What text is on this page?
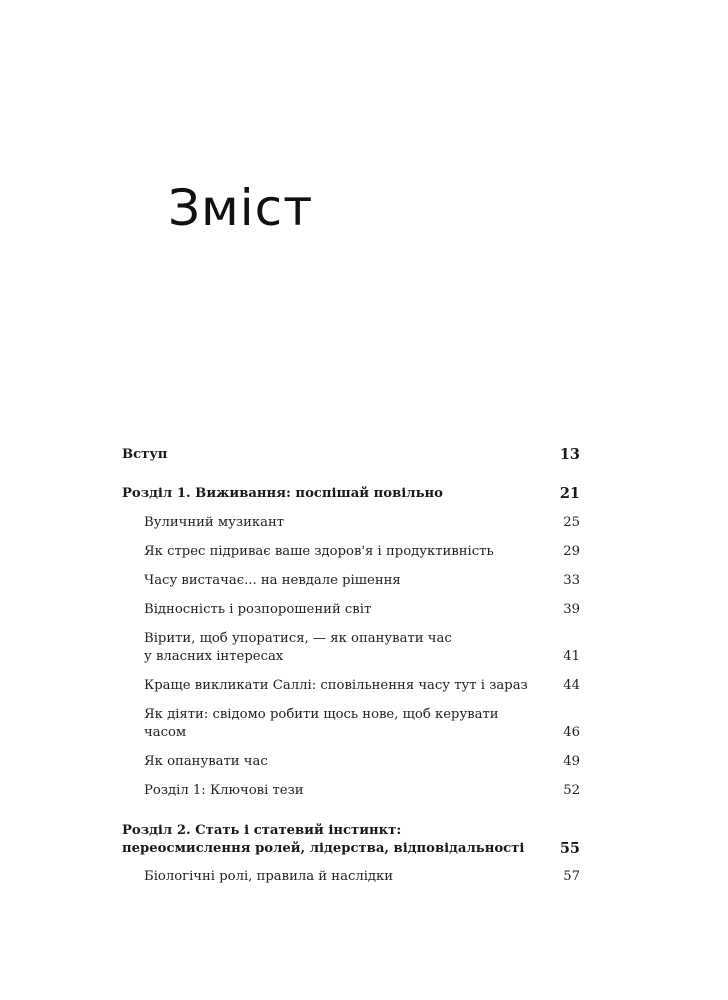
Зміст
Вступ	13
Розділ 1. Виживання: поспішай повільно	21
Вуличний музикант	25
Як стрес підриває ваше здоров'я і продуктивність	29
Часу вистачає... на невдале рішення	33
Відносність і розпорошений світ	39
Вірити, щоб упоратися, — як опанувати час
у власних інтересах	41
Краще викликати Саллі: сповільнення часу тут і зараз	44
Як діяти: свідомо робити щось нове, щоб керувати часом	46
Як опанувати час	49
Розділ 1: Ключові тези	52
Розділ 2. Стать і статевий інстинкт:
переосмислення ролей, лідерства, відповідальності	55
Біологічні ролі, правила й наслідки	57
